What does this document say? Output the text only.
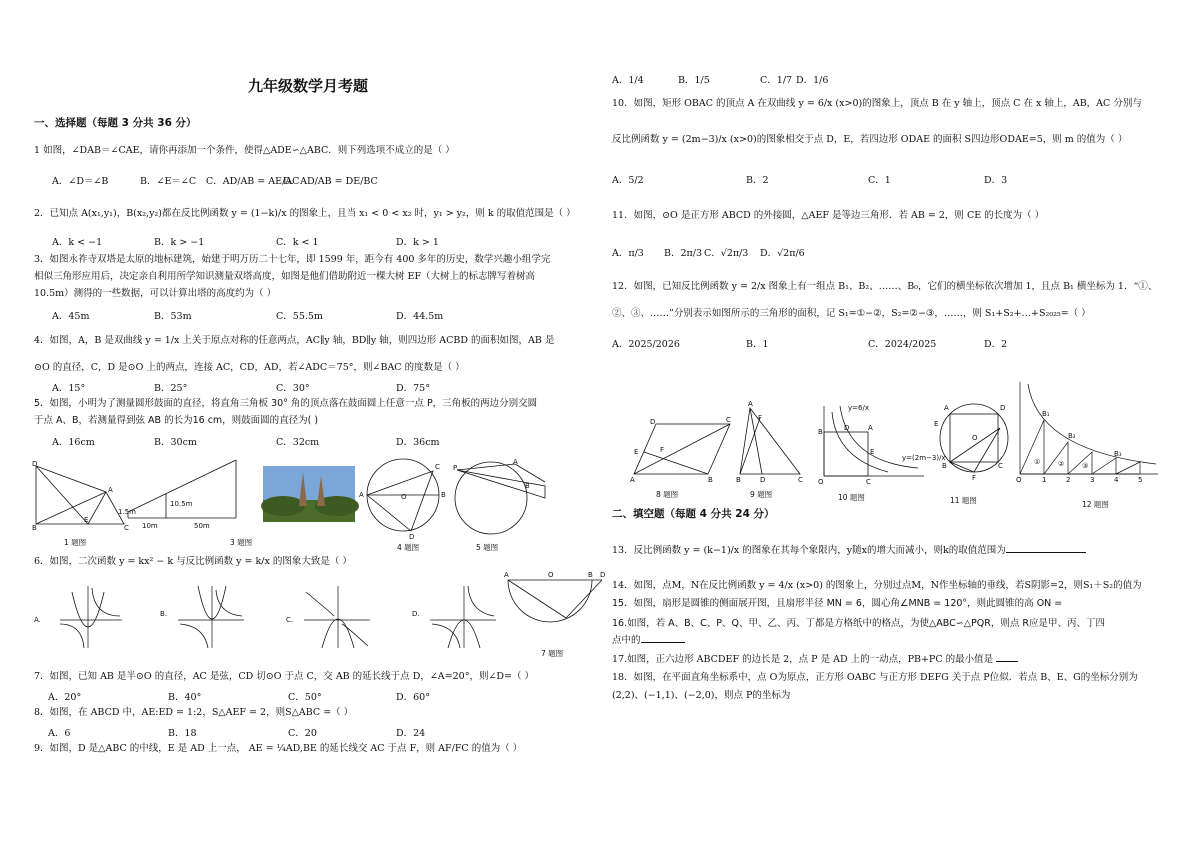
九年级数学月考题
一、选择题（每题 3 分共 36 分）
1 如图，∠DAB＝∠CAE，请你再添加一个条件，使得△ADE∽△ABC．则下列选项不成立的是（ ）
A．∠D＝∠B	B．∠E＝∠C C．AD/AB = AE/AC
D．AD/AB = DE/BC
2．已知点 A(x₁,y₁)，B(x₂,y₂)都在反比例函数 y = (1−k)/x 的图象上，且当 x₁ < 0 < x₂ 时，y₁ > y₂，则 k 的取值范围是（ ）
A．k < −1	B．k > −1	C．k < 1	D．k > 1
3．如图永祚寺双塔是太原的地标建筑，始建于明万历二十七年，即 1599 年，距今有 400 多年的历史，数学兴趣小组学完
相似三角形应用后，决定亲自利用所学知识测量双塔高度，如图是他们借助附近一棵大树 EF（大树上的标志牌写着树高
10.5m）测得的一些数据，可以计算出塔的高度约为（ ）
A．45m	B．53m	C．55.5m	D．44.5m
4．如图，A，B 是双曲线 y = 1/x 上关于原点对称的任意两点，AC∥y 轴，BD∥y 轴，则四边形 ACBD 的面积如图，AB 是
⊙O 的直径，C，D 是⊙O 上的两点，连接 AC，CD，AD，若∠ADC＝75°，则∠BAC 的度数是（ ）
A．15°	B．25°	C．30°	D．75°
5．如图，小明为了测量圆形鼓面的直径，将直角三角板 30° 角的顶点落在鼓面圆上任意一点 P，三角板的两边分别交圆
于点 A、B，若测量得到弦 AB 的长为16 cm，则鼓面圆的直径为( )
A．16cm	B．30cm	C．32cm	D．36cm
D
A
B	C
E
1 题图
1.5m
10.5m
10m	50m
3 题图
A	B
C
D
O
4 题图
P
A
B
5 题图
6．如图，二次函数 y = kx² − k 与反比例函数 y = k/x 的图象大致是（ ）
A.
B.
C.
D.
A	O	B D
7 题图
7．如图，已知 AB 是半⊙O 的直径，AC 是弦，CD 切⊙O 于点 C，交 AB 的延长线于点 D，∠A=20°，则∠D=（ ）
A．20°	B．40°	C．50°	D．60°
8．如图，在 ABCD 中，AE:ED = 1:2，S△AEF = 2，则S△ABC =（ ）
A．6	B．18	C．20	D．24
9．如图，D 是△ABC 的中线，E 是 AD 上一点， AE = ¼AD,BE 的延长线交 AC 于点 F，则 AF/FC 的值为（ ）
A．1/4	B．1/5	C．1/7 D．1/6
10．如图，矩形 OBAC 的顶点 A 在双曲线 y = 6/x (x>0)的图象上，顶点 B 在 y 轴上，顶点 C 在 x 轴上，AB，AC 分别与
反比例函数 y = (2m−3)/x (x>0)的图象相交于点 D，E，若四边形 ODAE 的面积 S四边形ODAE=5，则 m 的值为（ ）
A．5/2	B．2	C．1	D．3
11．如图，⊙O 是正方形 ABCD 的外接圆，△AEF 是等边三角形．若 AB = 2，则 CE 的长度为（ ）
A．π/3 B．2π/3 C．√2π/3 D．√2π/6
12．如图，已知反比例函数 y = 2/x 图象上有一组点 B₁、B₂、……、B₀，它们的横坐标依次增加 1，且点 B₁ 横坐标为 1．“①、
②、③、……”分别表示如图所示的三角形的面积，记 S₁=①−②，S₂=②−③，……，则 S₁+S₂+…+S₂₀₂₅=（ ）
A．2025/2026	B．1	C．2024/2025	D．2
D	C
A	B
E	F
8 题图
A
B	C
D
F
9 题图
B	D	A
E
C
O
y=(2m−3)/x
y=6/x
10 题图
A	D
B	C
E
F
O
11 题图
①	②	③
B₁
B₂
B₃
O	1	2	3	4	5
12 题图
二、填空题（每题 4 分共 24 分）
13．反比例函数 y = (k−1)/x 的图象在其每个象限内，y随x的增大而减小，则k的取值范围为
14．如图，点M，N在反比例函数 y = 4/x (x>0) 的图象上，分别过点M，N作坐标轴的垂线，若S阴影=2，则S₁＋S₂的值为
15．如图，扇形是圆锥的侧面展开图，且扇形半径 MN = 6，圆心角∠MNB = 120°，则此圆锥的高 ON =
16.如图，若 A、B、C、P、Q、甲、乙、丙、丁都是方格纸中的格点，为使△ABC∽△PQR，则点 R应是甲、丙、丁四
点中的
17.如图，正六边形 ABCDEF 的边长是 2，点 P 是 AD 上的一动点，PB+PC 的最小值是
18．如图，在平面直角坐标系中，点 O为原点，正方形 OABC 与正方形 DEFG 关于点 P位似．若点 B、E、G的坐标分别为
(2,2)、(−1,1)、(−2,0)，则点 P的坐标为
